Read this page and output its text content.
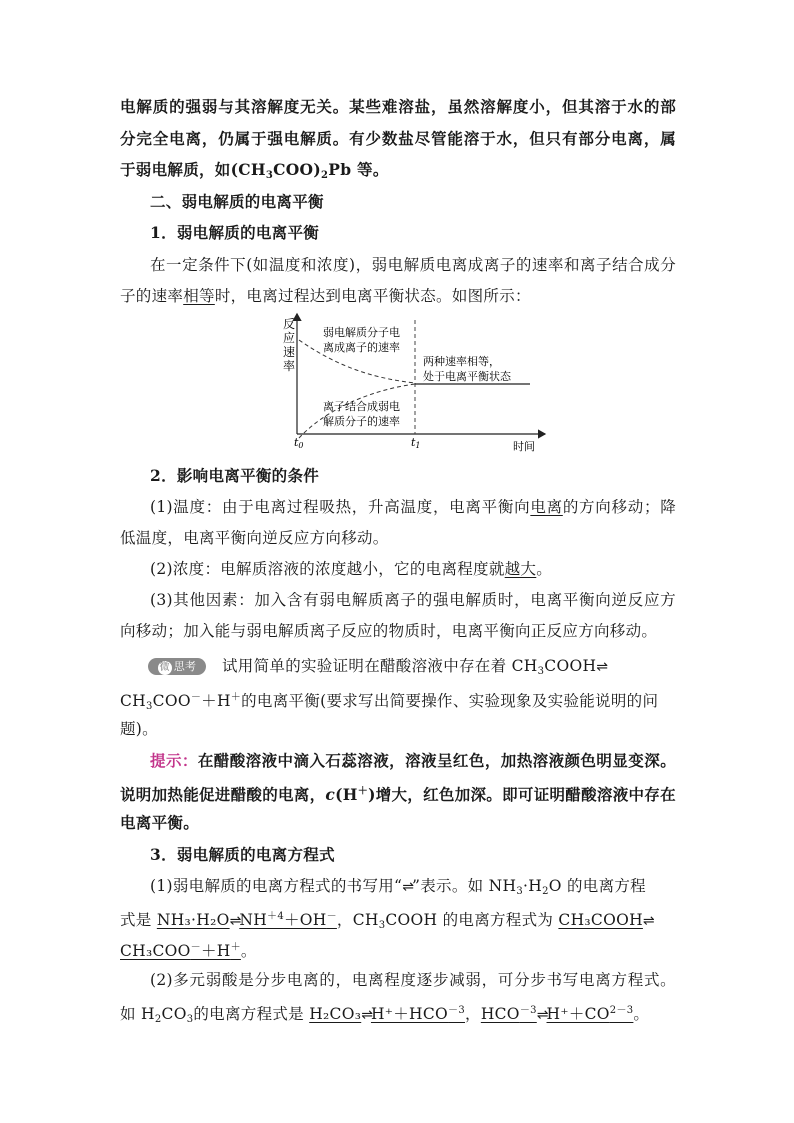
电解质的强弱与其溶解度无关。某些难溶盐，虽然溶解度小，但其溶于水的部
分完全电离，仍属于强电解质。有少数盐尽管能溶于水，但只有部分电离，属
于弱电解质，如$(CH_3COO)_2Pb$ 等。
二、弱电解质的电离平衡
1．弱电解质的电离平衡
在一定条件下(如温度和浓度)，弱电解质电离成离子的速率和离子结合成分
子的速率相等时，电离过程达到电离平衡状态。如图所示：
反
应
速
率
弱电解质分子电
离成离子的速率
两种速率相等，
处于电离平衡状态
离子结合成弱电
解质分子的速率
t0	t1	时间
2．影响电离平衡的条件
(1)温度：由于电离过程吸热，升高温度，电离平衡向电离的方向移动；降
低温度，电离平衡向逆反应方向移动。
(2)浓度：电解质溶液的浓度越小，它的电离程度就越大。
(3)其他因素：加入含有弱电解质离子的强电解质时，电离平衡向逆反应方
向移动；加入能与弱电解质离子反应的物质时，电离平衡向正反应方向移动。
微 思考 试用简单的实验证明在醋酸溶液中存在着 $CH_3COOH\rightleftharpoons$
$CH_3COO^-+H^+$的电离平衡(要求写出简要操作、实验现象及实验能说明的问
题)。
提示：在醋酸溶液中滴入石蕊溶液，溶液呈红色，加热溶液颜色明显变深。
说明加热能促进醋酸的电离，c(H＋)增大，红色加深。即可证明醋酸溶液中存在
电离平衡。
3．弱电解质的电离方程式
(1)弱电解质的电离方程式的书写用“⇌”表示。如 $NH_3\cdot H_2O$ 的电离方程
式是 $NH_3\cdot H_2O\rightleftharpoons NH^{+4}+OH^-$，$CH_3COOH$ 的电离方程式为 CH₃COOH⇌
CH₃COO－＋H＋。
(2)多元弱酸是分步电离的，电离程度逐步减弱，可分步书写电离方程式。
如 $H_2CO_3$的电离方程式是 $H_2CO_3\rightleftharpoons H^++HCO^{-3}$，$HCO^{-3}\rightleftharpoons H^++CO^{2-3}$。
